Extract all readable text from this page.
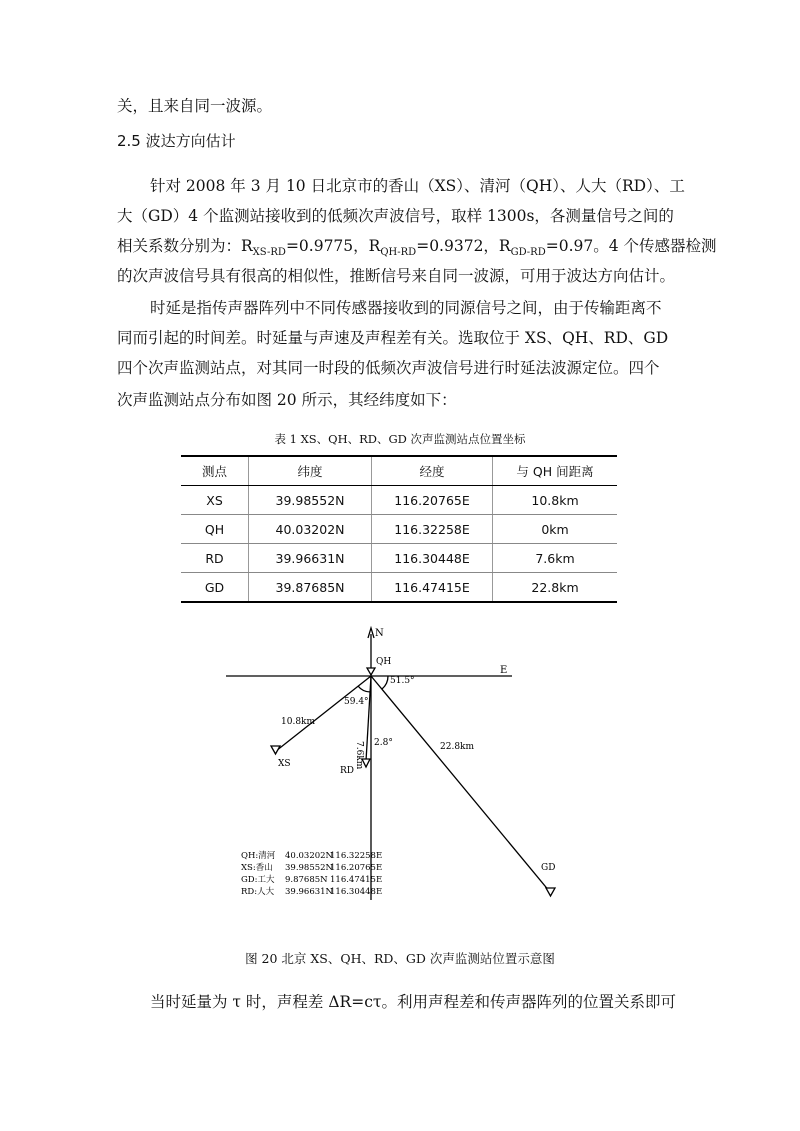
关，且来自同一波源。
2.5 波达方向估计
针对 2008 年 3 月 10 日北京市的香山（XS）、清河（QH）、人大（RD）、工
大（GD）4 个监测站接收到的低频次声波信号，取样 1300s，各测量信号之间的
相关系数分别为：$R_{XS-RD}=0.9775$，$R_{QH-RD}=0.9372$，$R_{GD-RD}=0.97$。4 个传感器检测
的次声波信号具有很高的相似性，推断信号来自同一波源，可用于波达方向估计。
时延是指传声器阵列中不同传感器接收到的同源信号之间，由于传输距离不
同而引起的时间差。时延量与声速及声程差有关。选取位于 XS、QH、RD、GD
四个次声监测站点，对其同一时段的低频次声波信号进行时延法波源定位。四个
次声监测站点分布如图 20 所示，其经纬度如下：
表 1 XS、QH、RD、GD 次声监测站点位置坐标
测点	纬度	经度	与 QH 间距离
XS	39.98552N	116.20765E	10.8km
QH	40.03202N	116.32258E	0km
RD	39.96631N	116.30448E	7.6km
GD	39.87685N	116.47415E	22.8km
N
E
QH
XS
RD
GD
10.8km
7.6km	22.8km
51.5°
59.4°
2.8°
QH:清河 40.03202N
116.32258E
XS:香山 39.98552N
116.20765E
GD:工大 9.87685N 116.47415E
RD:人大 39.96631N
116.30448E
图 20 北京 XS、QH、RD、GD 次声监测站位置示意图
当时延量为 τ 时，声程差 ΔR=cτ。利用声程差和传声器阵列的位置关系即可
